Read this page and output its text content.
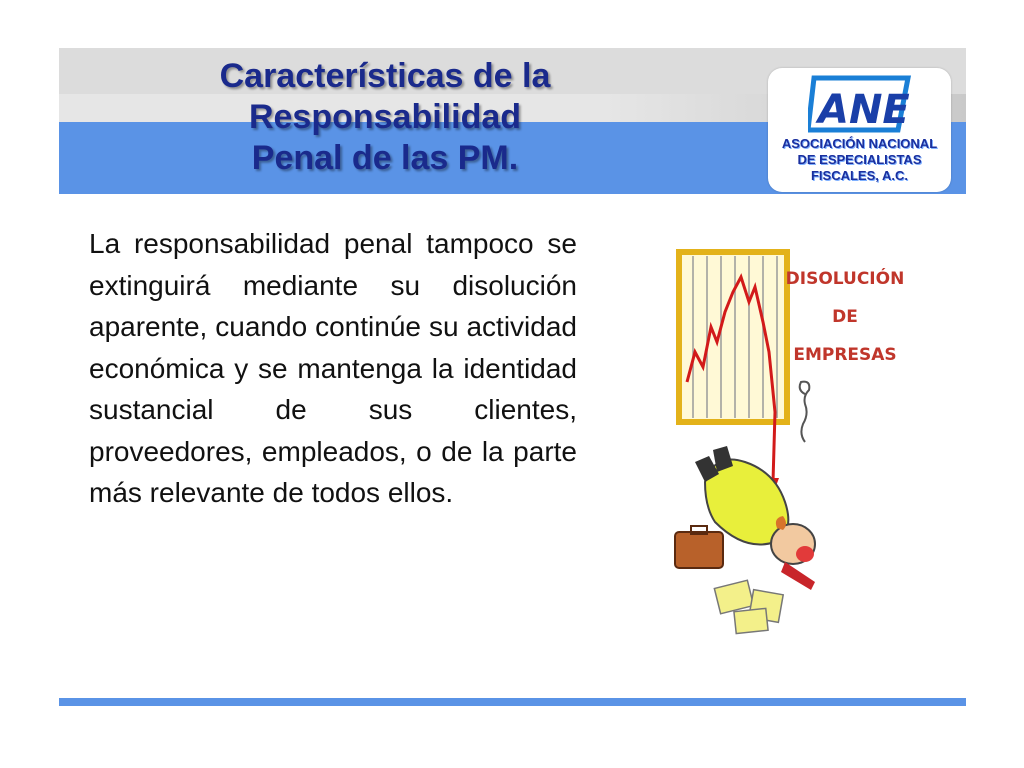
Características de la
Responsabilidad
Penal de las PM.
ANE
ASOCIACIÓN NACIONAL
DE ESPECIALISTAS
FISCALES, A.C.
La responsabilidad penal tampoco se extinguirá mediante su disolución aparente, cuando continúe su actividad económica y se mantenga la identidad sustancial de sus clientes, proveedores, empleados, o de la parte más relevante de todos ellos.
DISOLUCIÓN
DE
EMPRESAS
